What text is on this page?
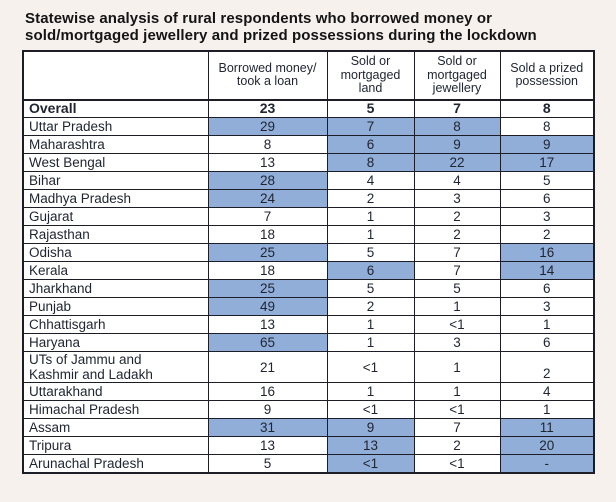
Statewise analysis of rural respondents who borrowed money or sold/mortgaged jewellery and prized possessions during the lockdown
	Borrowed money/ took a loan	Sold or mortgaged land	Sold or mortgaged jewellery	Sold a prized possession
Overall	23	5	7	8
Uttar Pradesh	29	7	8	8
Maharashtra	8	6	9	9
West Bengal	13	8	22	17
Bihar	28	4	4	5
Madhya Pradesh	24	2	3	6
Gujarat	7	1	2	3
Rajasthan	18	1	2	2
Odisha	25	5	7	16
Kerala	18	6	7	14
Jharkhand	25	5	5	6
Punjab	49	2	1	3
Chhattisgarh	13	1	<1	1
Haryana	65	1	3	6
UTs of Jammu and Kashmir and Ladakh	21	<1	1	2
Uttarakhand	16	1	1	4
Himachal Pradesh	9	<1	<1	1
Assam	31	9	7	11
Tripura	13	13	2	20
Arunachal Pradesh	5	<1	<1	-
